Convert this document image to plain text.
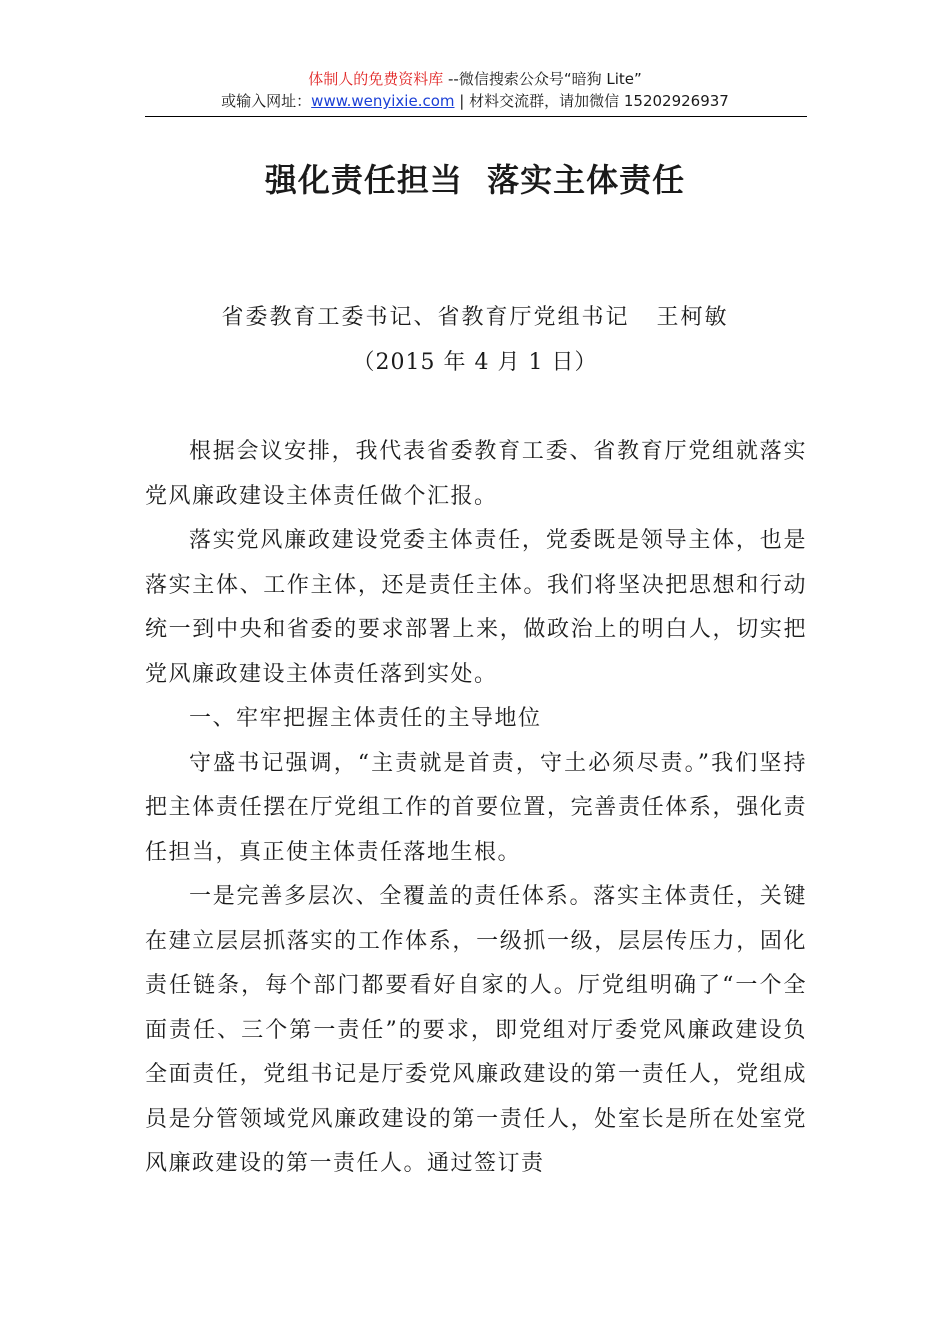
体制人的免费资料库 --微信搜索公众号“暗狗 Lite”
或输入网址：www.wenyixie.com | 材料交流群，请加微信 15202926937
强化责任担当  落实主体责任
省委教育工委书记、省教育厅党组书记   王柯敏
（2015 年 4 月 1 日）

根据会议安排，我代表省委教育工委、省教育厅党组就落实党风廉政建设主体责任做个汇报。

落实党风廉政建设党委主体责任，党委既是领导主体，也是落实主体、工作主体，还是责任主体。我们将坚决把思想和行动统一到中央和省委的要求部署上来，做政治上的明白人，切实把党风廉政建设主体责任落到实处。

一、牢牢把握主体责任的主导地位

守盛书记强调，“主责就是首责，守土必须尽责。”我们坚持把主体责任摆在厅党组工作的首要位置，完善责任体系，强化责任担当，真正使主体责任落地生根。

一是完善多层次、全覆盖的责任体系。落实主体责任，关键在建立层层抓落实的工作体系，一级抓一级，层层传压力，固化责任链条，每个部门都要看好自家的人。厅党组明确了“一个全面责任、三个第一责任”的要求，即党组对厅委党风廉政建设负全面责任，党组书记是厅委党风廉政建设的第一责任人，党组成员是分管领域党风廉政建设的第一责任人，处室长是所在处室党风廉政建设的第一责任人。通过签订责
